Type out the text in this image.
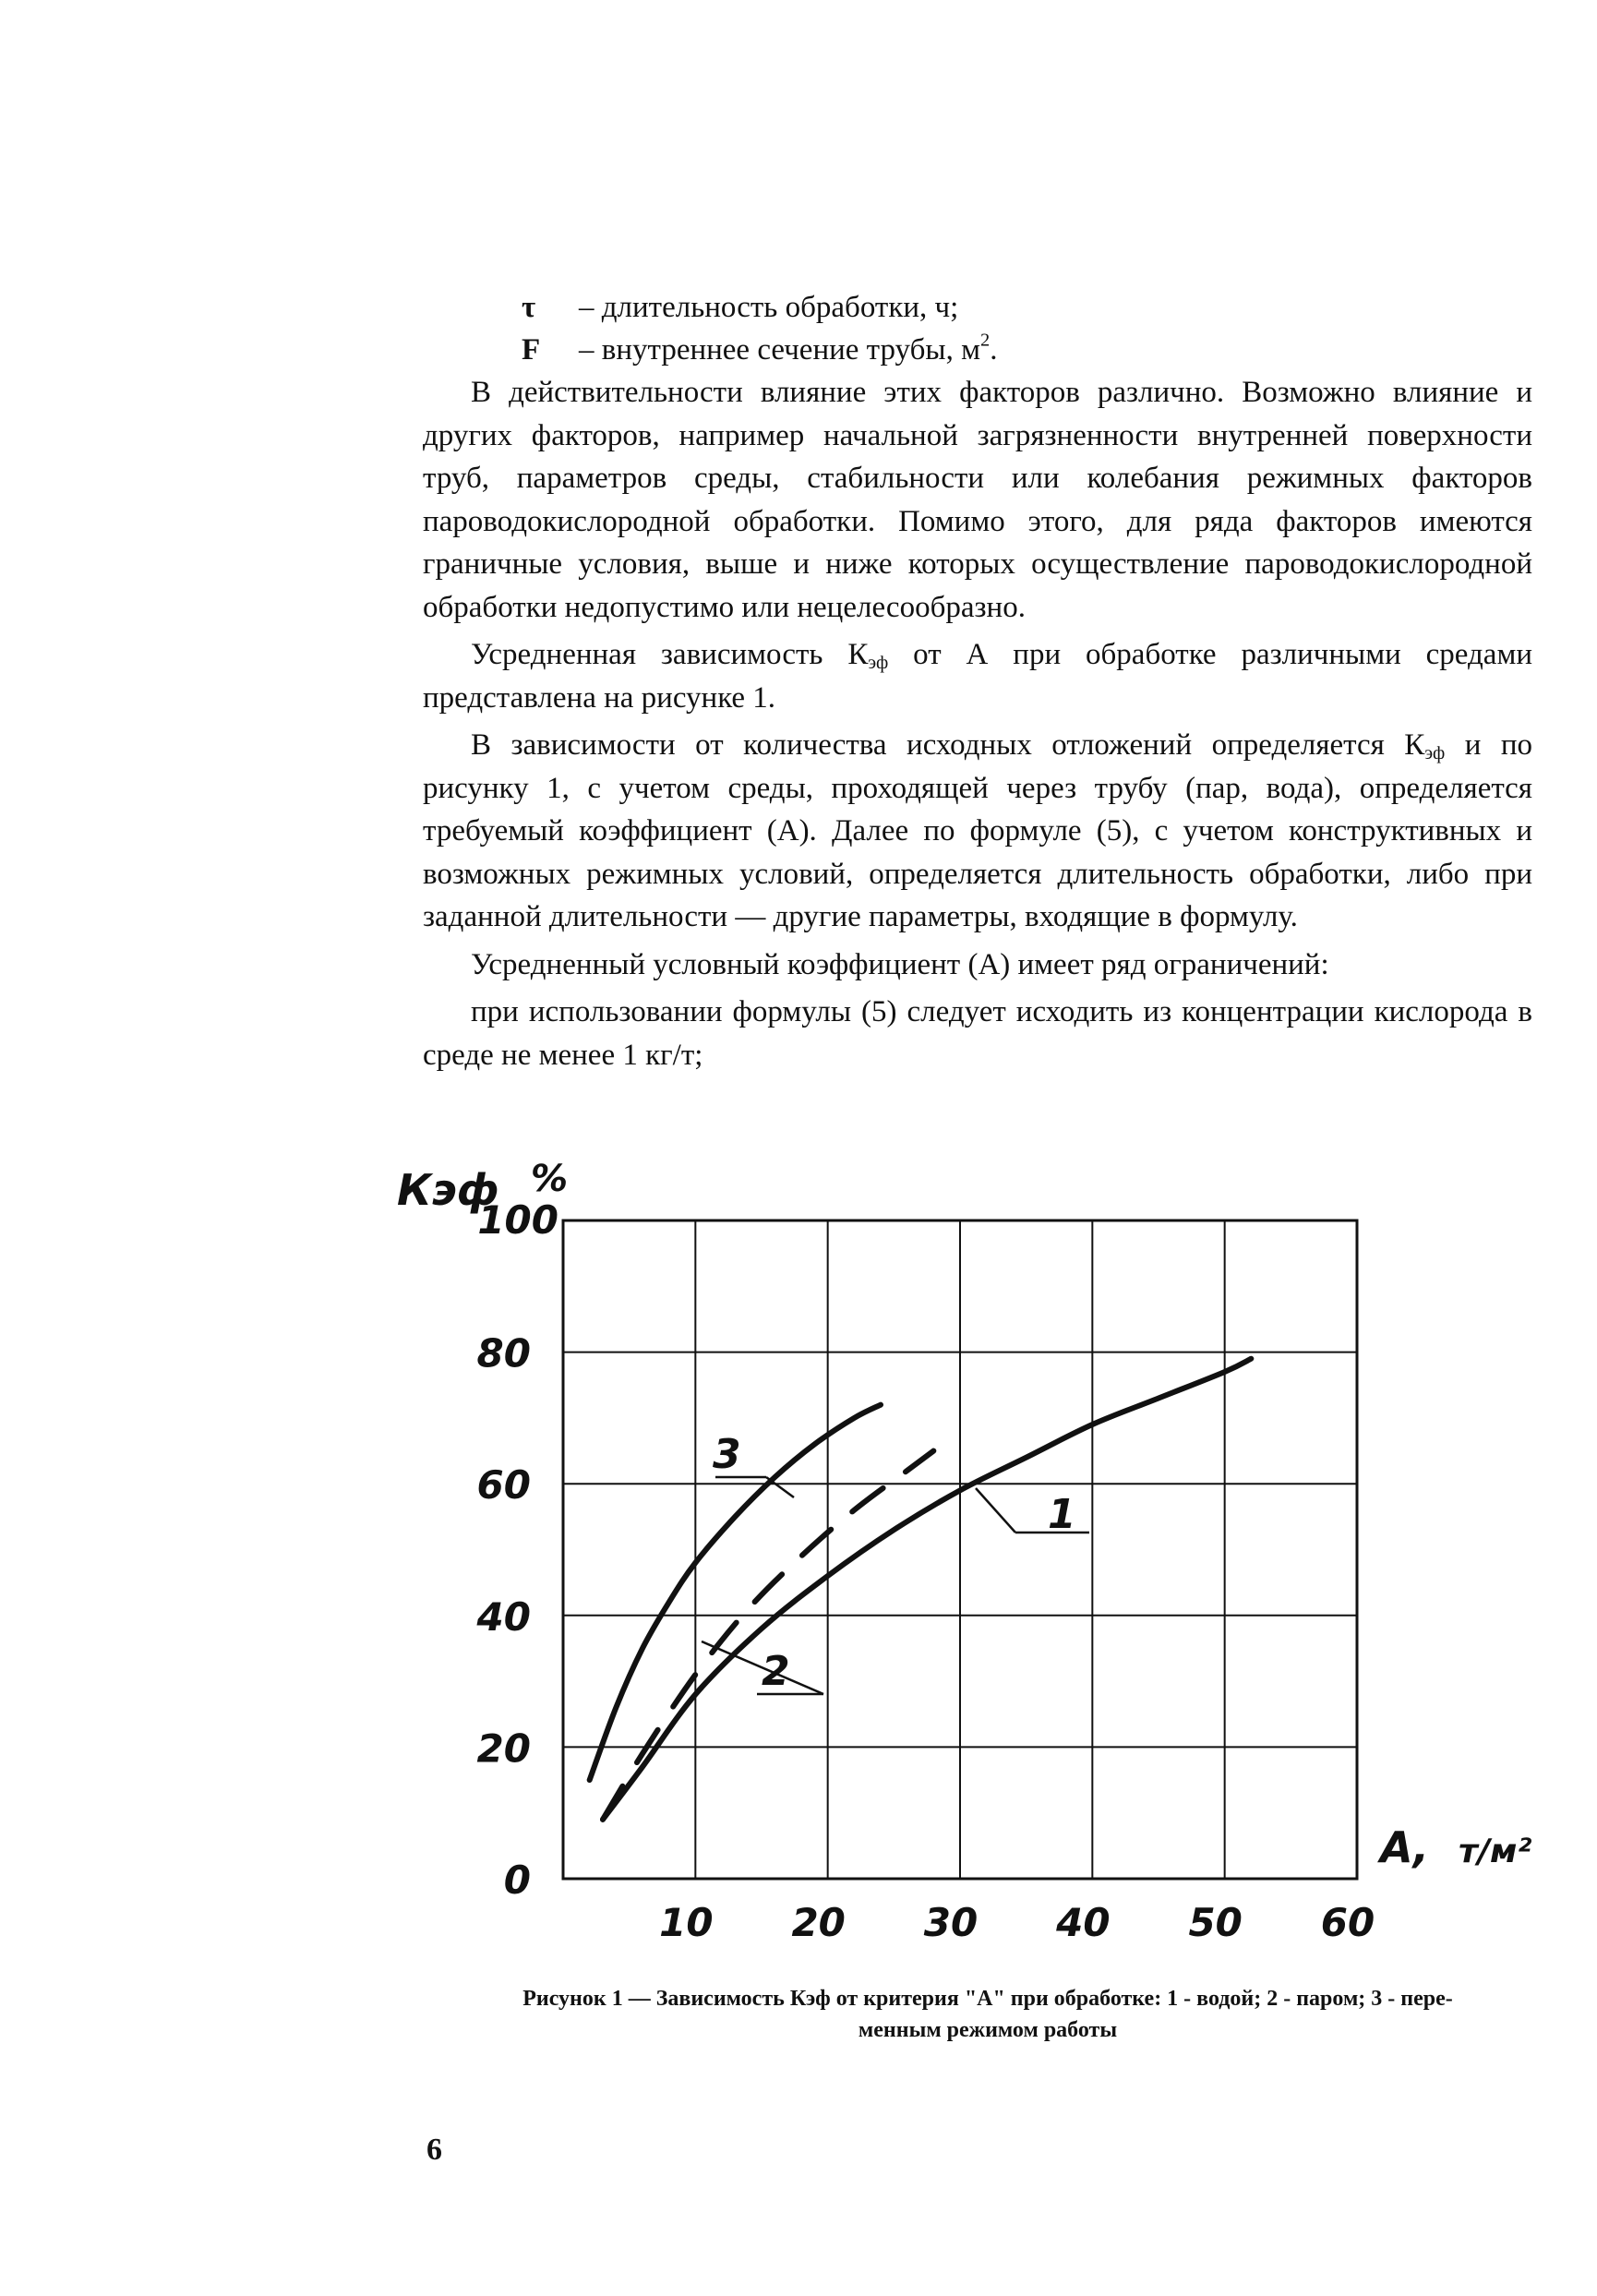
τ	– длительность обработки, ч;
F	– внутреннее сечение трубы, $м^2$.

В действительности влияние этих факторов различно. Возможно влияние и других факторов, например начальной загрязненности внутренней поверхности труб, параметров среды, стабильности или колебания режимных факторов пароводокислородной обработки. Помимо этого, для ряда факторов имеются граничные условия, выше и ниже которых осуществление пароводокислородной обработки недопустимо или нецелесообразно.

Усредненная зависимость $К_{эф}$ от А при обработке различными средами представлена на рисунке 1.

В зависимости от количества исходных отложений определяется $К_{эф}$ и по рисунку 1, с учетом среды, проходящей через трубу (пар, вода), определяется требуемый коэффициент (А). Далее по формуле (5), с учетом конструктивных и возможных режимных условий, определяется длительность обработки, либо при заданной длительности — другие параметры, входящие в формулу.

Усредненный условный коэффициент (А) имеет ряд ограничений:

при использовании формулы (5) следует исходить из концентрации кислорода в среде не менее 1 кг/т;

100
80
60
40
20
0
10 20 30 40 50 60
Кэф %
А, т/м²
1
2
3
Рисунок 1 — Зависимость Кэф от критерия "А" при обработке: 1 - водой; 2 - паром; 3 - пере-
менным режимом работы
6
